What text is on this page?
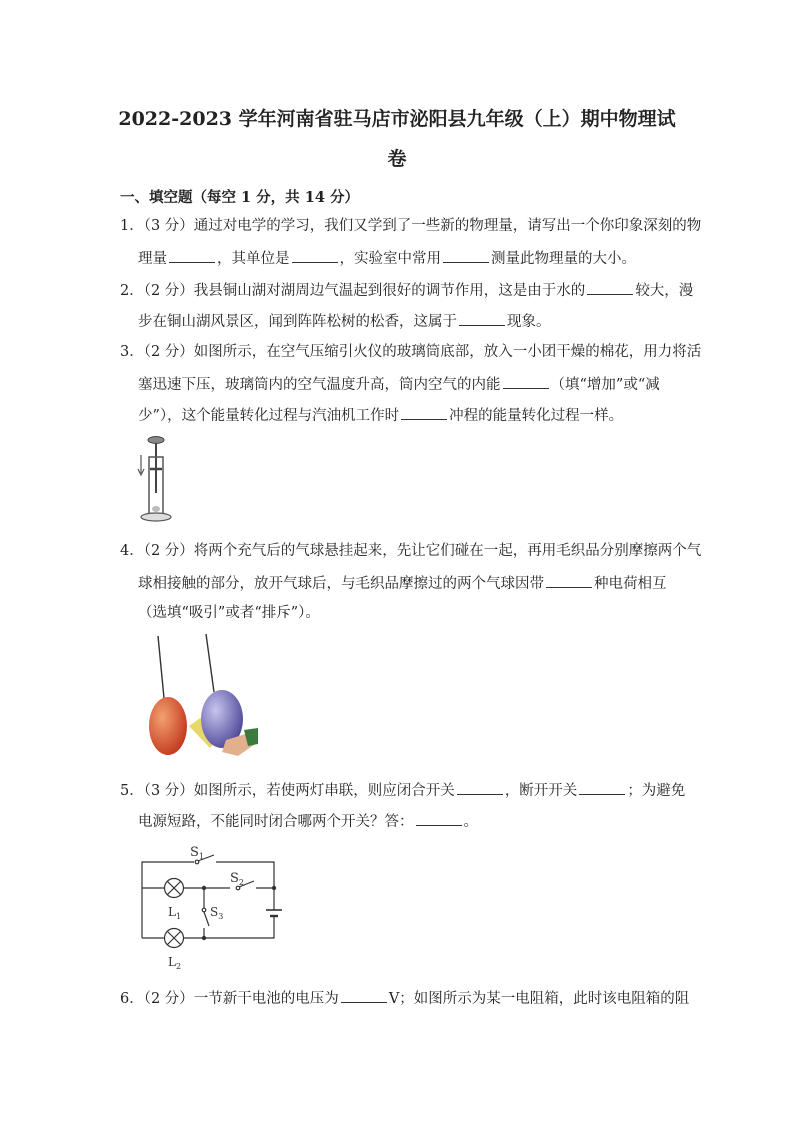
2022-2023 学年河南省驻马店市泌阳县九年级（上）期中物理试
卷
一、填空题（每空 1 分，共 14 分）
1．（3 分）通过对电学的学习，我们又学到了一些新的物理量，请写出一个你印象深刻的物
理量	，其单位是	，实验室中常用	测量此物理量的大小。
2．（2 分）我县铜山湖对湖周边气温起到很好的调节作用，这是由于水的	较大，漫
步在铜山湖风景区，闻到阵阵松树的松香，这属于	现象。
3．（2 分）如图所示，在空气压缩引火仪的玻璃筒底部，放入一小团干燥的棉花，用力将活
塞迅速下压，玻璃筒内的空气温度升高，筒内空气的内能	（填“增加”或“减
少”），这个能量转化过程与汽油机工作时	冲程的能量转化过程一样。
4．（2 分）将两个充气后的气球悬挂起来，先让它们碰在一起，再用毛织品分别摩擦两个气
球相接触的部分，放开气球后，与毛织品摩擦过的两个气球因带	种电荷相互
（选填“吸引”或者“排斥”）。
5．（3 分）如图所示，若使两灯串联，则应闭合开关	，断开开关	；为避免
电源短路，不能同时闭合哪两个开关？答：	。
$S_1$
$S_2$
$S_3$
$L_1$
$L_2$
6．（2 分）一节新干电池的电压为	V；如图所示为某一电阻箱，此时该电阻箱的阻
